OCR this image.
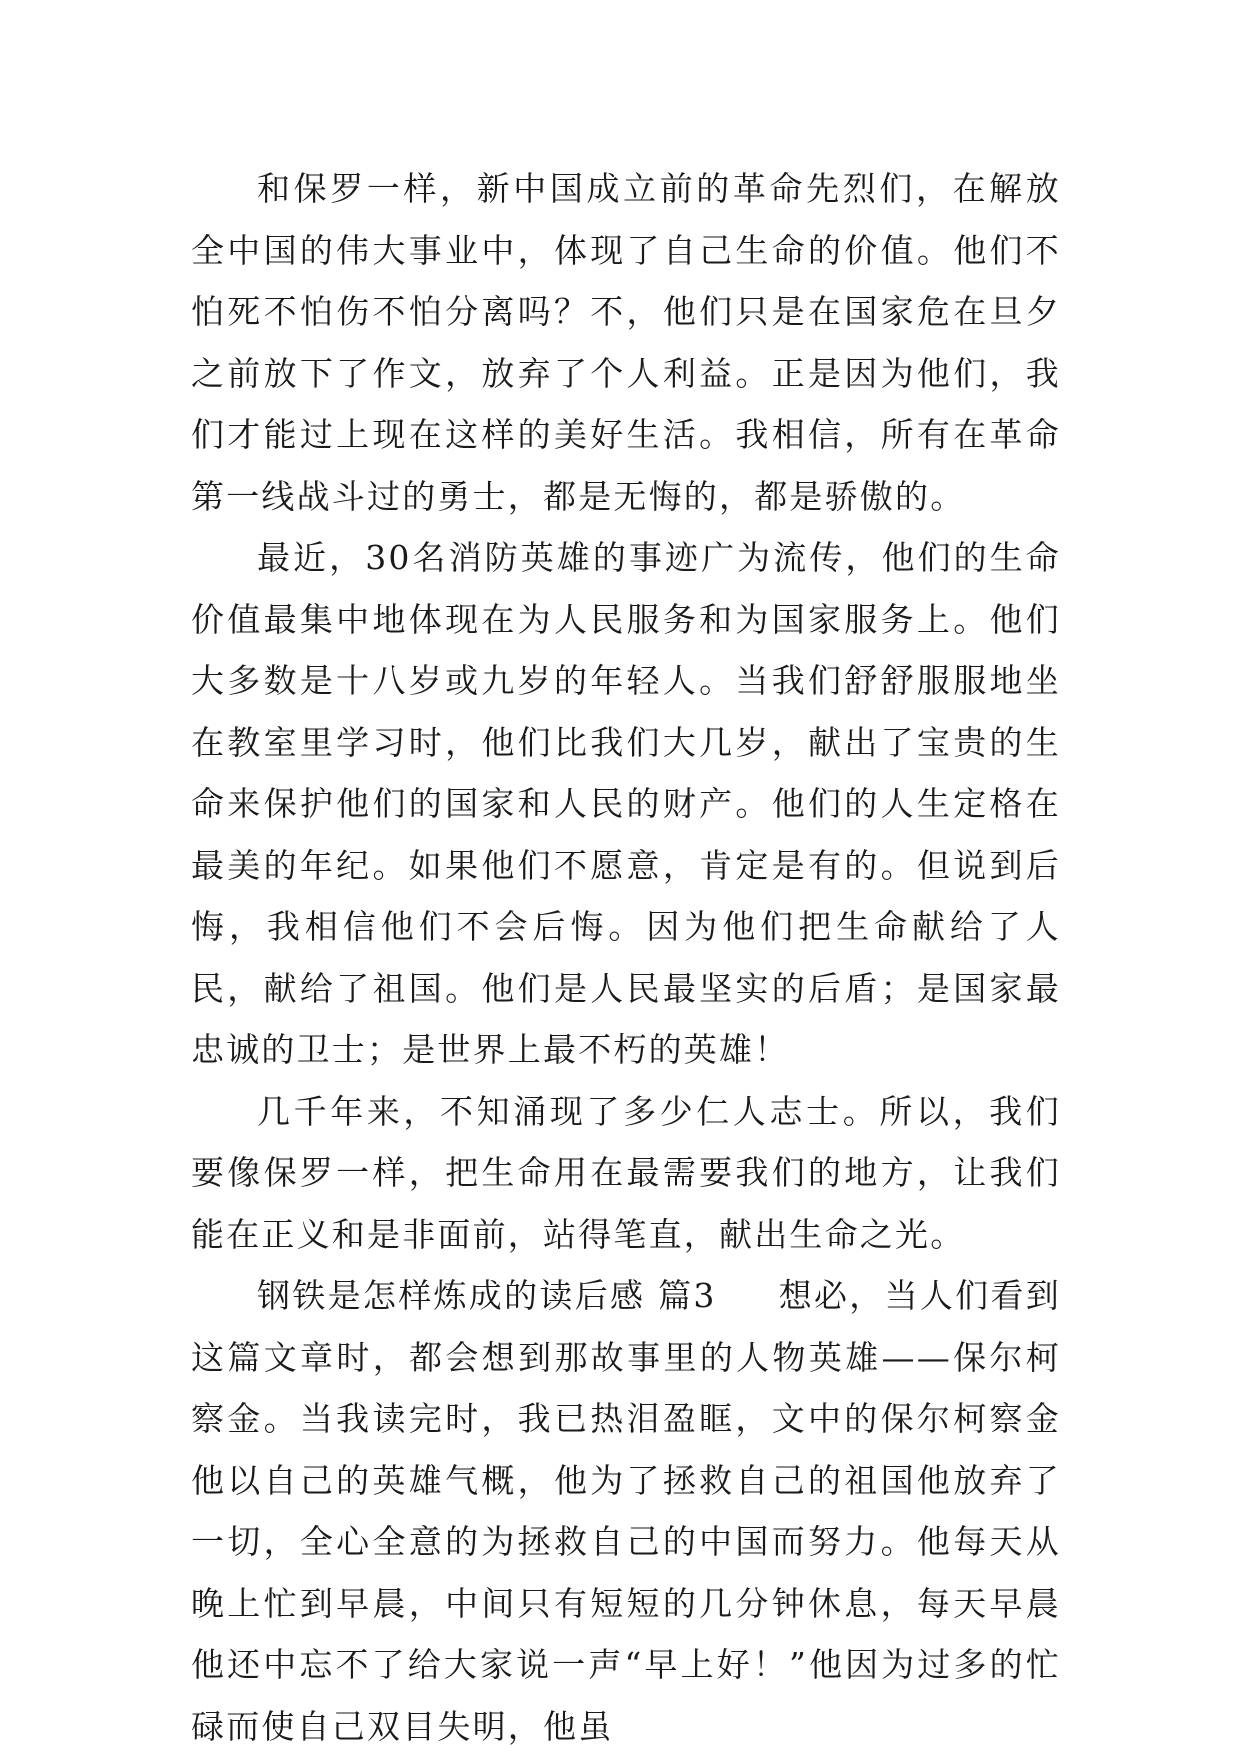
和保罗一样，新中国成立前的革命先烈们，在解放全中国的伟大事业中，体现了自己生命的价值。他们不怕死不怕伤不怕分离吗？不，他们只是在国家危在旦夕之前放下了作文，放弃了个人利益。正是因为他们，我们才能过上现在这样的美好生活。我相信，所有在革命第一线战斗过的勇士，都是无悔的，都是骄傲的。

最近，30名消防英雄的事迹广为流传，他们的生命价值最集中地体现在为人民服务和为国家服务上。他们大多数是十八岁或九岁的年轻人。当我们舒舒服服地坐在教室里学习时，他们比我们大几岁，献出了宝贵的生命来保护他们的国家和人民的财产。他们的人生定格在最美的年纪。如果他们不愿意，肯定是有的。但说到后悔，我相信他们不会后悔。因为他们把生命献给了人民，献给了祖国。他们是人民最坚实的后盾；是国家最忠诚的卫士；是世界上最不朽的英雄！

几千年来，不知涌现了多少仁人志士。所以，我们要像保罗一样，把生命用在最需要我们的地方，让我们能在正义和是非面前，站得笔直，献出生命之光。

钢铁是怎样炼成的读后感 篇3 想必，当人们看到这篇文章时，都会想到那故事里的人物英雄——保尔柯察金。当我读完时，我已热泪盈眶，文中的保尔柯察金他以自己的英雄气概，他为了拯救自己的祖国他放弃了一切，全心全意的为拯救自己的中国而努力。他每天从晚上忙到早晨，中间只有短短的几分钟休息，每天早晨他还中忘不了给大家说一声“早上好！”他因为过多的忙碌而使自己双目失明，他虽
